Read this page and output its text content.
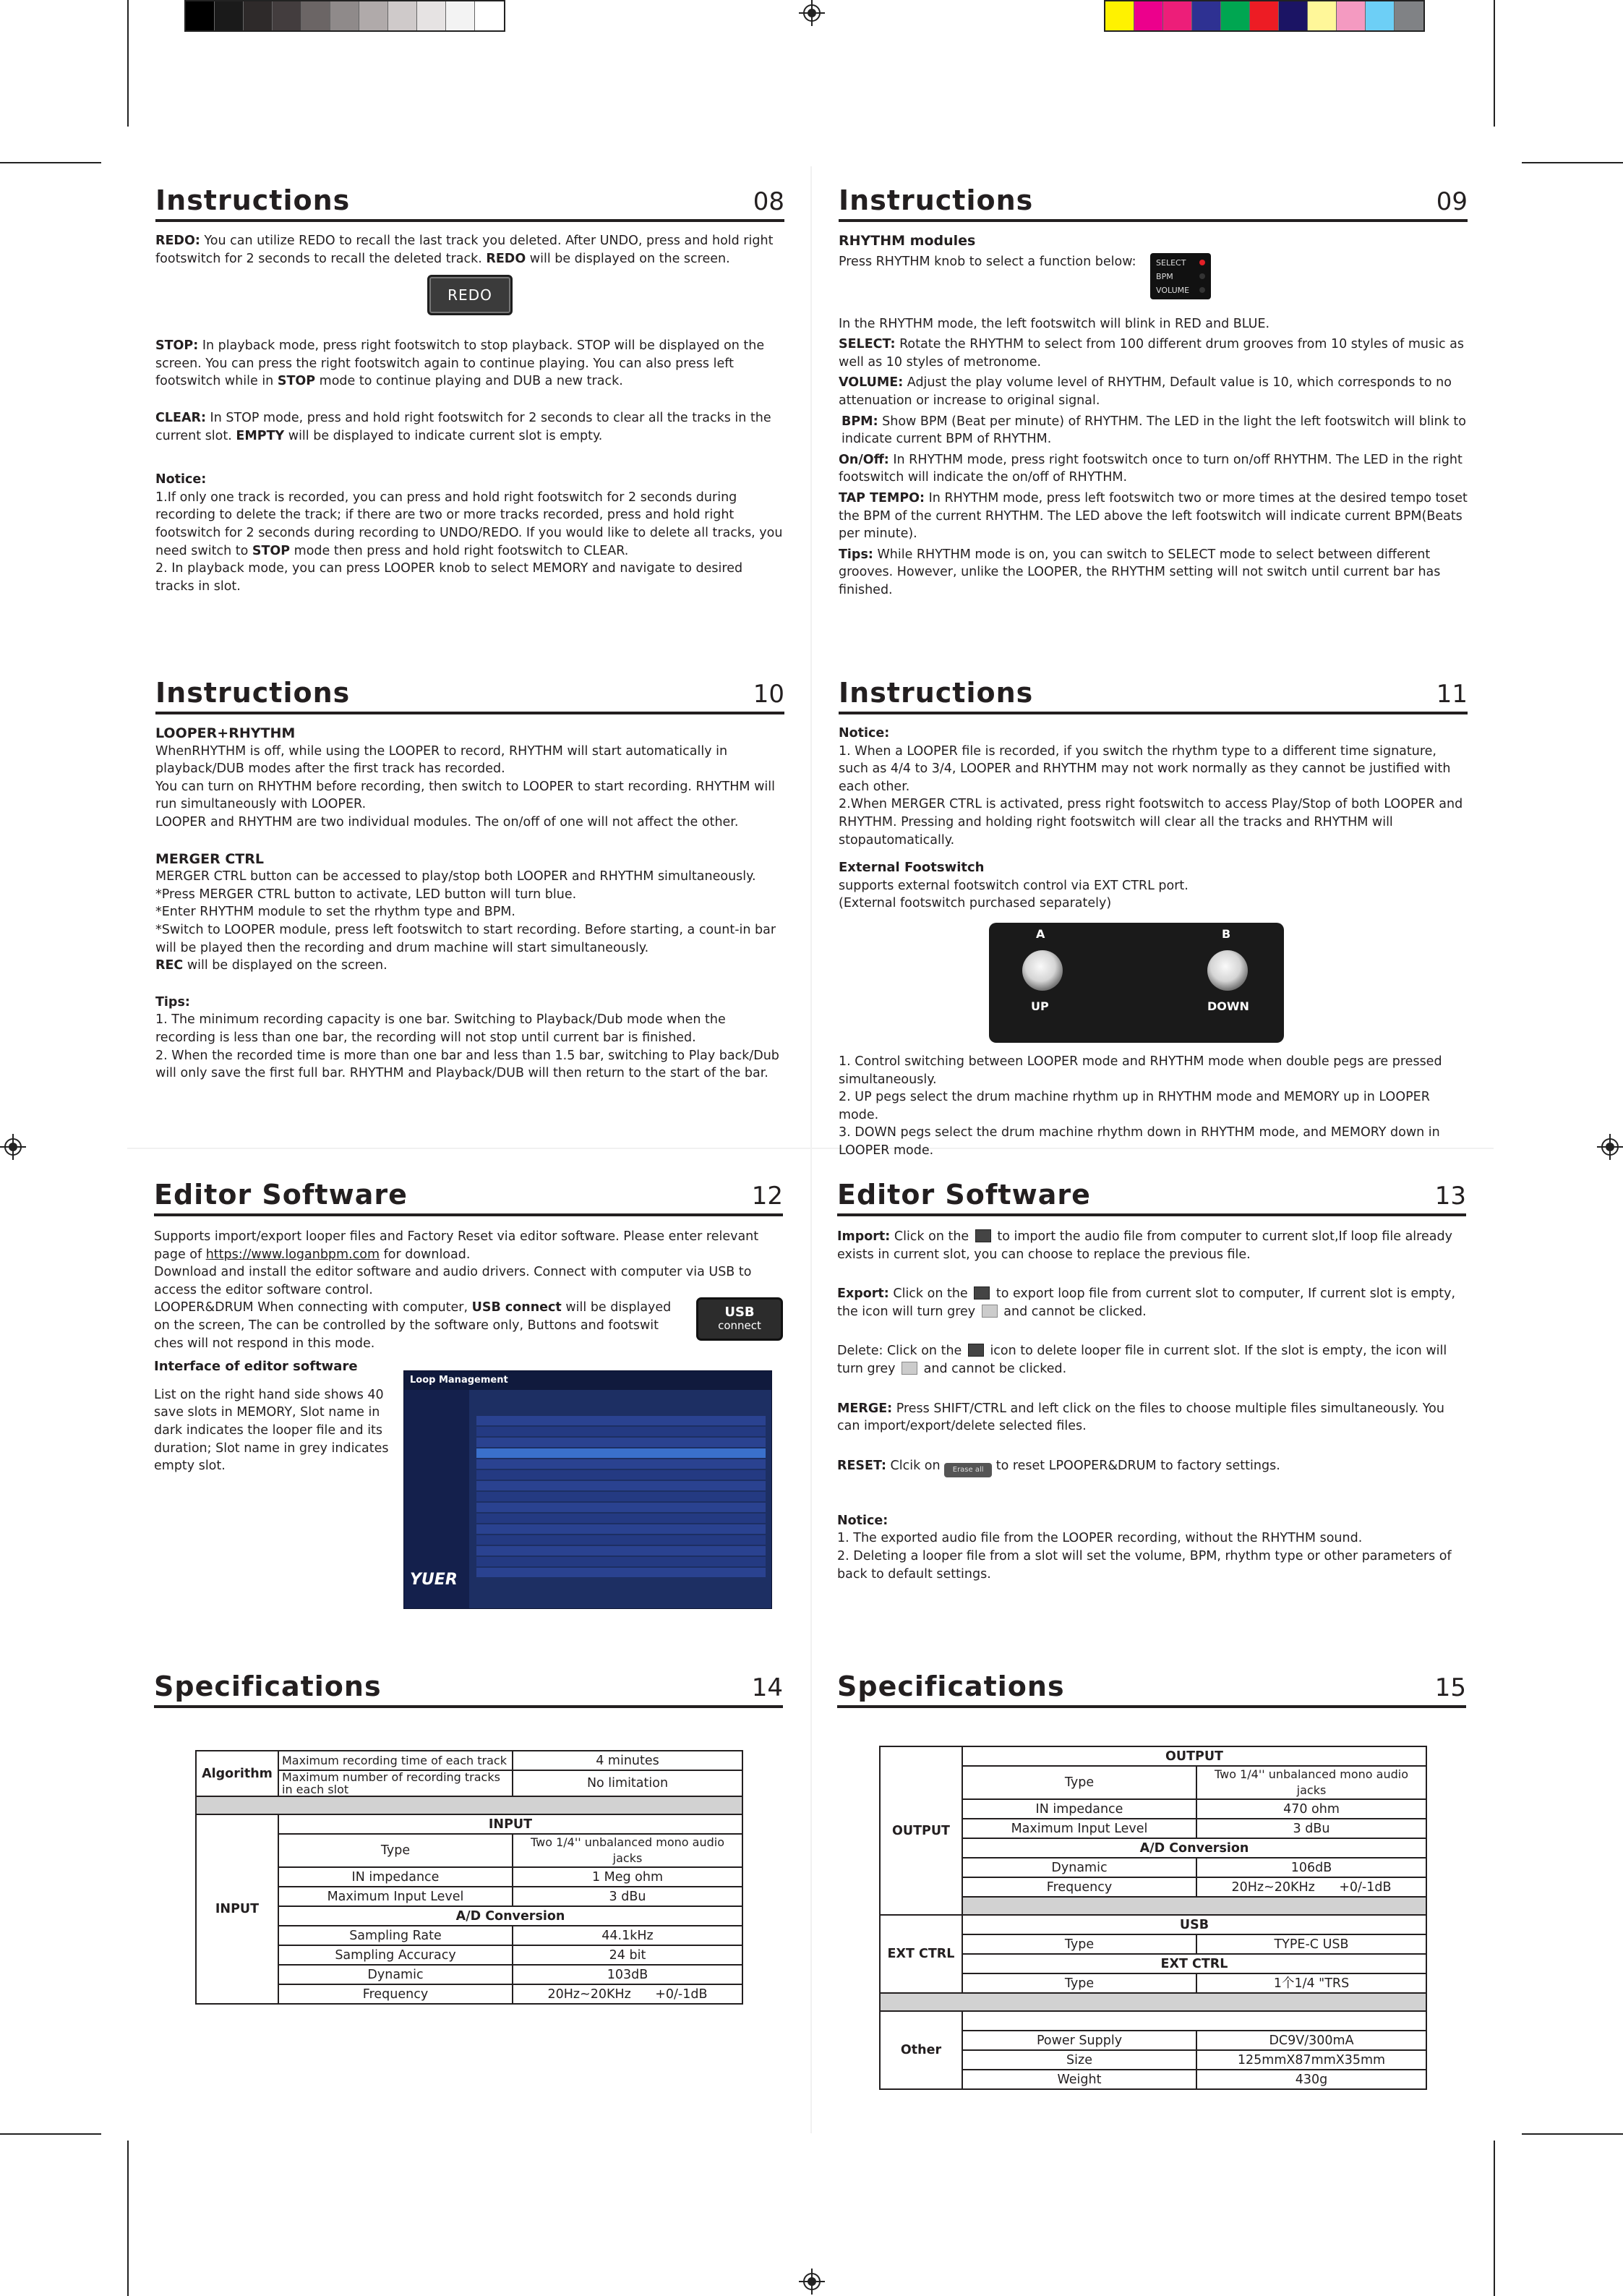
Instructions	08

REDO: You can utilize REDO to recall the last track you deleted. After UNDO, press and hold right footswitch for 2 seconds to recall the deleted track. REDO will be displayed on the screen.

REDO

STOP: In playback mode, press right footswitch to stop playback. STOP will be displayed on the screen. You can press the right footswitch again to continue playing. You can also press left footswitch while in STOP mode to continue playing and DUB a new track.

CLEAR: In STOP mode, press and hold right footswitch for 2 seconds to clear all the tracks in the current slot. EMPTY will be displayed to indicate current slot is empty.

Notice:

1.If only one track is recorded, you can press and hold right footswitch for 2 seconds during recording to delete the track; if there are two or more tracks recorded, press and hold right footswitch for 2 seconds during recording to UNDO/REDO. If you would like to delete all tracks, you need switch to STOP mode then press and hold right footswitch to CLEAR.

2. In playback mode, you can press LOOPER knob to select MEMORY and navigate to desired tracks in slot.

Instructions	09

RHYTHM modules

Press RHYTHM knob to select a function below:	SELECT
BPM
VOLUME

In the RHYTHM mode, the left footswitch will blink in RED and BLUE.

SELECT: Rotate the RHYTHM to select from 100 different drum grooves from 10 styles of music as well as 10 styles of metronome.

VOLUME: Adjust the play volume level of RHYTHM, Default value is 10, which corresponds to no attenuation or increase to original signal.

BPM: Show BPM (Beat per minute) of RHYTHM. The LED in the light the left footswitch will blink to indicate current BPM of RHYTHM.

On/Off: In RHYTHM mode, press right footswitch once to turn on/off RHYTHM. The LED in the right footswitch will indicate the on/off of RHYTHM.

TAP TEMPO: In RHYTHM mode, press left footswitch two or more times at the desired tempo toset the BPM of the current RHYTHM. The LED above the left footswitch will indicate current BPM(Beats per minute).

Tips: While RHYTHM mode is on, you can switch to SELECT mode to select between different grooves. However, unlike the LOOPER, the RHYTHM setting will not switch until current bar has finished.

Instructions	10

LOOPER+RHYTHM

WhenRHYTHM is off, while using the LOOPER to record, RHYTHM will start automatically in playback/DUB modes after the first track has recorded.

You can turn on RHYTHM before recording, then switch to LOOPER to start recording. RHYTHM will run simultaneously with LOOPER.

LOOPER and RHYTHM are two individual modules. The on/off of one will not affect the other.

MERGER CTRL

MERGER CTRL button can be accessed to play/stop both LOOPER and RHYTHM simultaneously.

*Press MERGER CTRL button to activate, LED button will turn blue.

*Enter RHYTHM module to set the rhythm type and BPM.

*Switch to LOOPER module, press left footswitch to start recording. Before starting, a count-in bar will be played then the recording and drum machine will start simultaneously.

REC will be displayed on the screen.

Tips:

1. The minimum recording capacity is one bar. Switching to Playback/Dub mode when the recording is less than one bar, the recording will not stop until current bar is finished.

2. When the recorded time is more than one bar and less than 1.5 bar, switching to Play back/Dub will only save the first full bar. RHYTHM and Playback/DUB will then return to the start of the bar.

Instructions	11

Notice:

1. When a LOOPER file is recorded, if you switch the rhythm type to a different time signature, such as 4/4 to 3/4, LOOPER and RHYTHM may not work normally as they cannot be justified with each other.

2.When MERGER CTRL is activated, press right footswitch to access Play/Stop of both LOOPER and RHYTHM. Pressing and holding right footswitch will clear all the tracks and RHYTHM will stopautomatically.

External Footswitch

supports external footswitch control via EXT CTRL port.

(External footswitch purchased separately)

A	B
UP	DOWN

1. Control switching between LOOPER mode and RHYTHM mode when double pegs are pressed simultaneously.

2. UP pegs select the drum machine rhythm up in RHYTHM mode and MEMORY up in LOOPER mode.

3. DOWN pegs select the drum machine rhythm down in RHYTHM mode, and MEMORY down in LOOPER mode.

Editor Software	12

Supports import/export looper files and Factory Reset via editor software. Please enter relevant page of https://www.loganbpm.com for download.

Download and install the editor software and audio drivers. Connect with computer via USB to access the editor software control.

LOOPER&DRUM When connecting with computer, USB connect will be displayed on the screen, The can be controlled by the software only, Buttons and footswit ches will not respond in this mode.

USB
connect

Interface of editor software

List on the right hand side shows 40 save slots in MEMORY, Slot name in dark indicates the looper file and its duration; Slot name in grey indicates empty slot.

Loop Management
YUER
Editor Software	13

Import: Click on the  to import the audio file from computer to current slot,If loop file already exists in current slot, you can choose to replace the previous file.

Export: Click on the  to export loop file from current slot to computer, If current slot is empty, the icon will turn grey  and cannot be clicked.

Delete: Click on the  icon to delete looper file in current slot. If the slot is empty, the icon will turn grey  and cannot be clicked.

MERGE: Press SHIFT/CTRL and left click on the files to choose multiple files simultaneously. You can import/export/delete selected files.

RESET: Clcik on Erase all to reset LPOOPER&DRUM to factory settings.

Notice:

1. The exported audio file from the LOOPER recording, without the RHYTHM sound.

2. Deleting a looper file from a slot will set the volume, BPM, rhythm type or other parameters of back to default settings.

Specifications	14
Algorithm	Maximum recording time of each track	4 minutes
	Maximum number of recording tracks in each slot	No limitation

INPUT	INPUT	
	Type	Two 1/4'' unbalanced mono audio jacks
	IN impedance	1 Meg ohm
	Maximum Input Level	3 dBu
	A/D Conversion	
	Sampling Rate	44.1kHz
	Sampling Accuracy	24 bit
	Dynamic	103dB
	Frequency	20Hz~20KHz      +0/-1dB
Specifications	15
OUTPUT	OUTPUT	
	Type	Two 1/4'' unbalanced mono audio jacks
	IN impedance	470 ohm
	Maximum Input Level	3 dBu
	A/D Conversion	
	Dynamic	106dB
	Frequency	20Hz~20KHz      +0/-1dB

EXT CTRL	USB	
	Type	TYPE-C USB
	EXT CTRL	
	Type	1个1/4 "TRS

Other		
	Power Supply	DC9V/300mA
	Size	125mmX87mmX35mm
	Weight	430g
